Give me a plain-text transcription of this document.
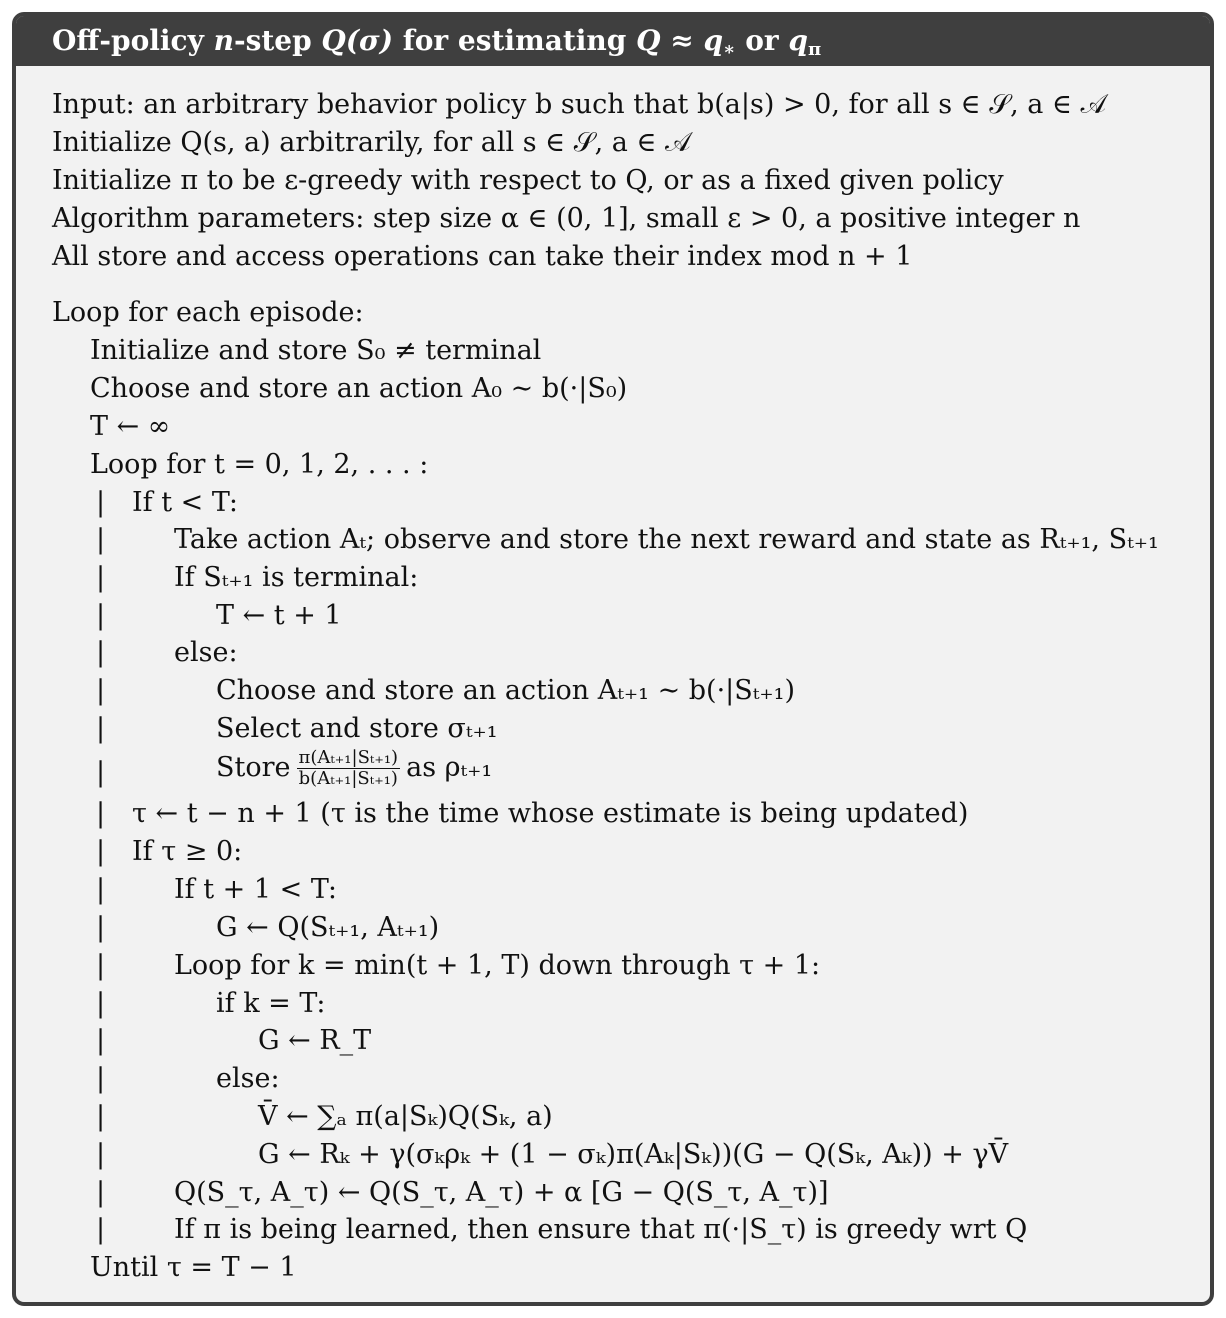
Off-policy n-step Q(σ) for estimating $Q \approx q_∗$ or $q_\pi$
Input: an arbitrary behavior policy b such that b(a|s) > 0, for all s ∈ 𝒮, a ∈ 𝒜
Initialize Q(s, a) arbitrarily, for all s ∈ 𝒮, a ∈ 𝒜
Initialize π to be ε-greedy with respect to Q, or as a fixed given policy
Algorithm parameters: step size α ∈ (0, 1], small ε > 0, a positive integer n
All store and access operations can take their index mod n + 1
Loop for each episode:
Initialize and store S₀ ≠ terminal
Choose and store an action A₀ ∼ b(·|S₀)
T ← ∞
Loop for t = 0, 1, 2, . . . :
If t < T:
Take action Aₜ; observe and store the next reward and state as Rₜ₊₁, Sₜ₊₁
If Sₜ₊₁ is terminal:
T ← t + 1
else:
Choose and store an action Aₜ₊₁ ∼ b(·|Sₜ₊₁)
Select and store σₜ₊₁
Store $\frac{\text{π(Aₜ₊₁|Sₜ₊₁)}}{\text{b(Aₜ₊₁|Sₜ₊₁)}}$ as ρₜ₊₁
τ ← t − n + 1 (τ is the time whose estimate is being updated)
If τ ≥ 0:
If t + 1 < T:
G ← Q(Sₜ₊₁, Aₜ₊₁)
Loop for k = min(t + 1, T) down through τ + 1:
if k = T:
G ← R_T
else:
V̄ ← ∑ₐ π(a|Sₖ)Q(Sₖ, a)
G ← Rₖ + γ(σₖρₖ + (1 − σₖ)π(Aₖ|Sₖ))(G − Q(Sₖ, Aₖ)) + γV̄
Q(S_τ, A_τ) ← Q(S_τ, A_τ) + α [G − Q(S_τ, A_τ)]
If π is being learned, then ensure that π(·|S_τ) is greedy wrt Q
Until τ = T − 1
|
|
|
|
|
|
|
|
|
|
|
|
|
|
|
|
|
|
|
|
